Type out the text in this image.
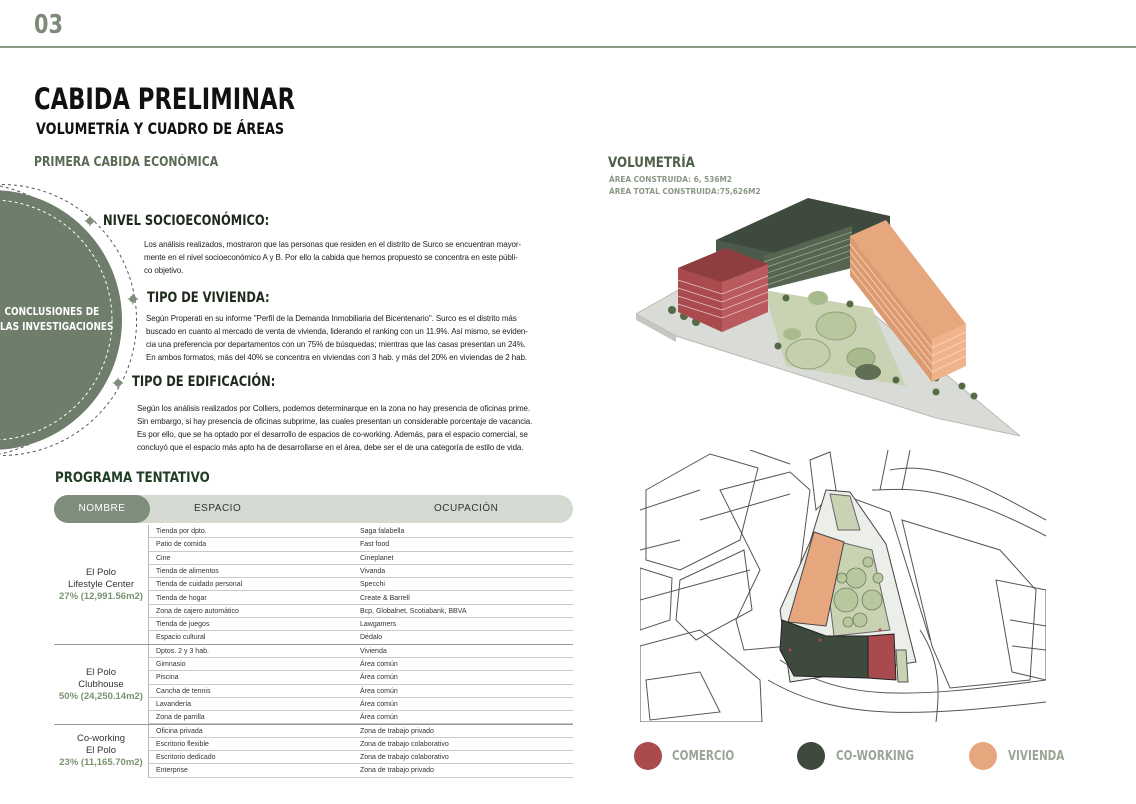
03
CABIDA PRELIMINAR
VOLUMETRÍA Y CUADRO DE ÁREAS
PRIMERA CABIDA ECONÓMICA
CONCLUSIONES DE
LAS INVESTIGACIONES
NIVEL SOCIOECONÓMICO:
Los análisis realizados, mostraron que las personas que residen en el distrito de Surco se encuentran mayor-
mente en el nivel socioeconómico A y B. Por ello la cabida que hemos propuesto se concentra en este públi-
co objetivo.
TIPO DE VIVIENDA:
Según Properati en su informe "Perfil de la Demanda Inmobiliaria del Bicentenario". Surco es el distrito más
buscado en cuanto al mercado de venta de vivienda, liderando el ranking con un 11.9%. Así mismo, se eviden-
cia una preferencia por departamentos con un 75% de búsquedas; mientras que las casas presentan un 24%.
En ambos formatos, más del 40% se concentra en viviendas con 3 hab. y más del 20% en viviendas de 2 hab.
TIPO DE EDIFICACIÓN:
Según los análisis realizados por Colliers, podemos determinarque en la zona no hay presencia de oficinas prime.
Sin embargo, si hay presencia de oficinas subprime, las cuales presentan un considerable porcentaje de vacancia.
Es por ello, que se ha optado por el desarrollo de espacios de co-working. Además, para el espacio comercial, se
concluyó que el espacio más apto ha de desarrollarse en el área, debe ser el de una categoría de estilo de vida.
PROGRAMA TENTATIVO
NOMBRE	ESPACIO	OCUPACIÓN
Tienda por dpto.	Saga falabella
Patio de comida	Fast food
Cine	Cineplanet
Tienda de alimentos	Vivanda
Tienda de cuidado personal	Specchi
Tienda de hogar	Create & Barrell
Zona de cajero automático	Bcp, Globalnet, Scotiabank, BBVA
Tienda de juegos	Lawgamers
Espacio cultural	Dédalo
El Polo
Lifestyle Center
27% (12,991.56m2)
Dptos. 2 y 3 hab.	Vivienda
Gimnasio	Área común
Piscina	Área común
Cancha de tennis	Área común
Lavandería	Área común
Zona de parrilla	Área común
El Polo
Clubhouse
50% (24,250.14m2)
Oficina privada	Zona de trabajo privado
Escritorio flexible	Zona de trabajo colaborativo
Escritorio dedicado	Zona de trabajo colaborativo
Enterprise	Zona de trabajo privado
Co-working
El Polo
23% (11,165.70m2)
VOLUMETRÍA
ÁREA CONSTRUIDA: 6, 536M2
ÁREA TOTAL CONSTRUIDA:75,626M2
COMERCIO	CO-WORKING	VIVIENDA
